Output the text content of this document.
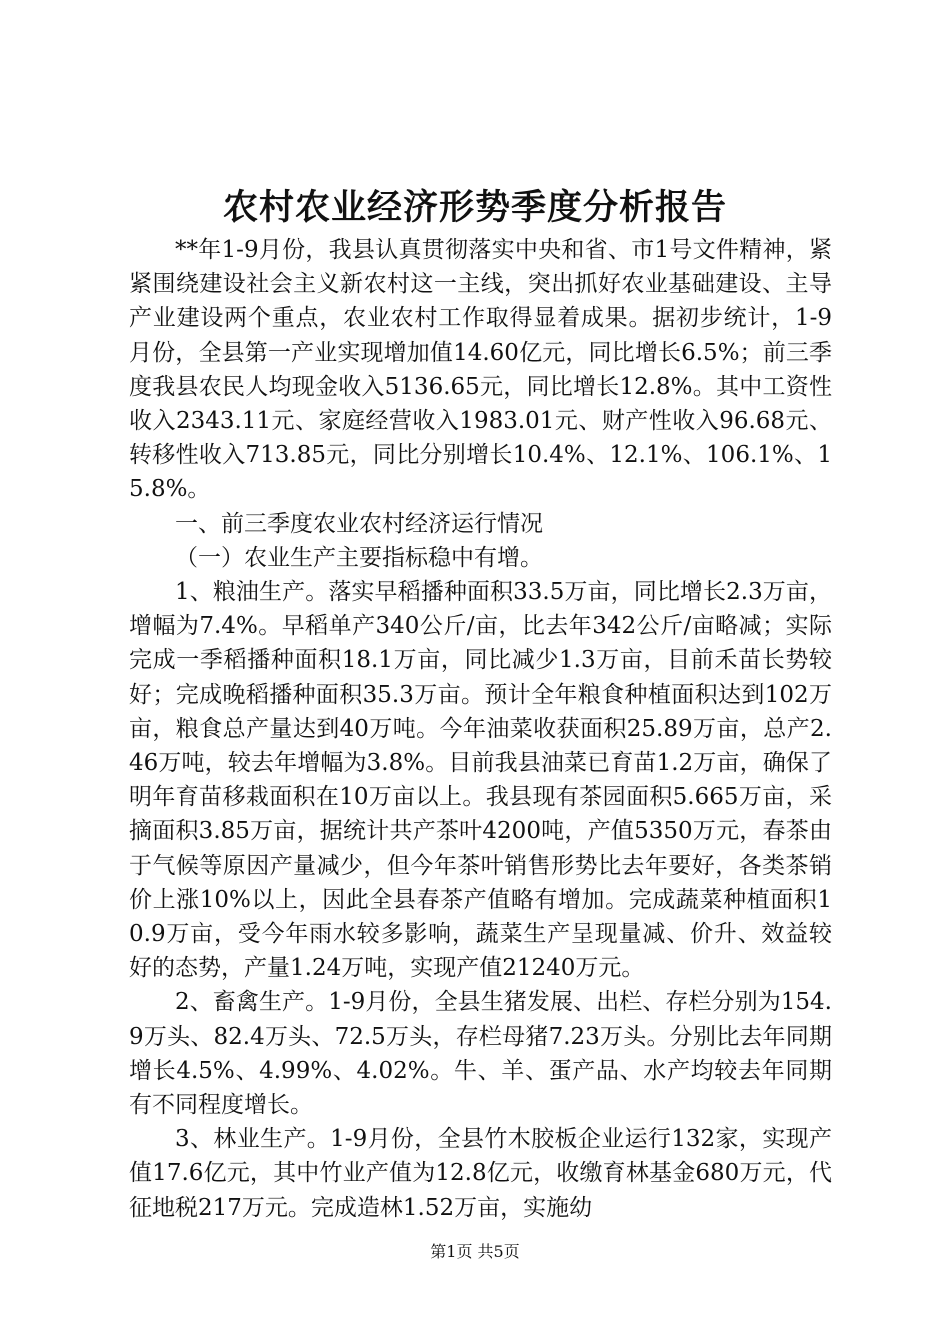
农村农业经济形势季度分析报告

**年1-9月份，我县认真贯彻落实中央和省、市1号文件精神，紧紧围绕建设社会主义新农村这一主线，突出抓好农业基础建设、主导产业建设两个重点，农业农村工作取得显着成果。据初步统计，1-9月份，全县第一产业实现增加值14.60亿元，同比增长6.5%；前三季度我县农民人均现金收入5136.65元，同比增长12.8%。其中工资性收入2343.11元、家庭经营收入1983.01元、财产性收入96.68元、转移性收入713.85元，同比分别增长10.4%、12.1%、106.1%、15.8%。

一、前三季度农业农村经济运行情况

（一）农业生产主要指标稳中有增。

1、粮油生产。落实早稻播种面积33.5万亩，同比增长2.3万亩，增幅为7.4%。早稻单产340公斤/亩，比去年342公斤/亩略减；实际完成一季稻播种面积18.1万亩，同比减少1.3万亩，目前禾苗长势较好；完成晚稻播种面积35.3万亩。预计全年粮食种植面积达到102万亩，粮食总产量达到40万吨。今年油菜收获面积25.89万亩，总产2.46万吨，较去年增幅为3.8%。目前我县油菜已育苗1.2万亩，确保了明年育苗移栽面积在10万亩以上。我县现有茶园面积5.665万亩，采摘面积3.85万亩，据统计共产茶叶4200吨，产值5350万元，春茶由于气候等原因产量减少，但今年茶叶销售形势比去年要好，各类茶销价上涨10%以上，因此全县春茶产值略有增加。完成蔬菜种植面积10.9万亩，受今年雨水较多影响，蔬菜生产呈现量减、价升、效益较好的态势，产量1.24万吨，实现产值21240万元。

2、畜禽生产。1-9月份，全县生猪发展、出栏、存栏分别为154.9万头、82.4万头、72.5万头，存栏母猪7.23万头。分别比去年同期增长4.5%、4.99%、4.02%。牛、羊、蛋产品、水产均较去年同期有不同程度增长。

3、林业生产。1-9月份，全县竹木胶板企业运行132家，实现产值17.6亿元，其中竹业产值为12.8亿元，收缴育林基金680万元，代征地税217万元。完成造林1.52万亩，实施幼

第1页 共5页
